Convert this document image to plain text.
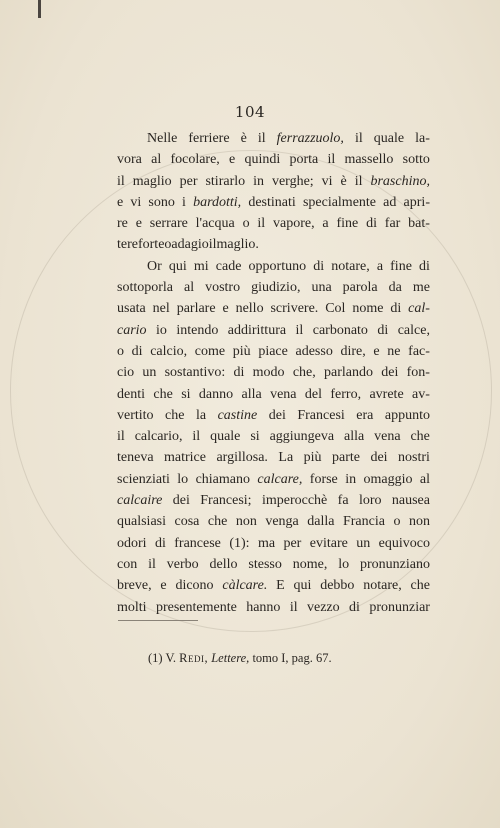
104
Nelle ferriere è il ferrazzuolo, il quale la-
vora al focolare, e quindi porta il massello sotto
il maglio per stirarlo in verghe; vi è il braschino,
e vi sono i bardotti, destinati specialmente ad apri-
re e serrare l'acqua o il vapore, a fine di far bat-
tere forte o adagio il maglio.
Or qui mi cade opportuno di notare, a fine di
sottoporla al vostro giudizio, una parola da me
usata nel parlare e nello scrivere. Col nome di cal-
cario io intendo addirittura il carbonato di calce,
o di calcio, come più piace adesso dire, e ne fac-
cio un sostantivo: di modo che, parlando dei fon-
denti che si danno alla vena del ferro, avrete av-
vertito che la castine dei Francesi era appunto
il calcario, il quale si aggiungeva alla vena che
teneva matrice argillosa. La più parte dei nostri
scienziati lo chiamano calcare, forse in omaggio al
calcaire dei Francesi; imperocchè fa loro nausea
qualsiasi cosa che non venga dalla Francia o non
odori di francese (1): ma per evitare un equivoco
con il verbo dello stesso nome, lo pronunziano
breve, e dicono càlcare. E qui debbo notare, che
molti presentemente hanno il vezzo di pronunziar
(1) V. Redi, Lettere, tomo I, pag. 67.
